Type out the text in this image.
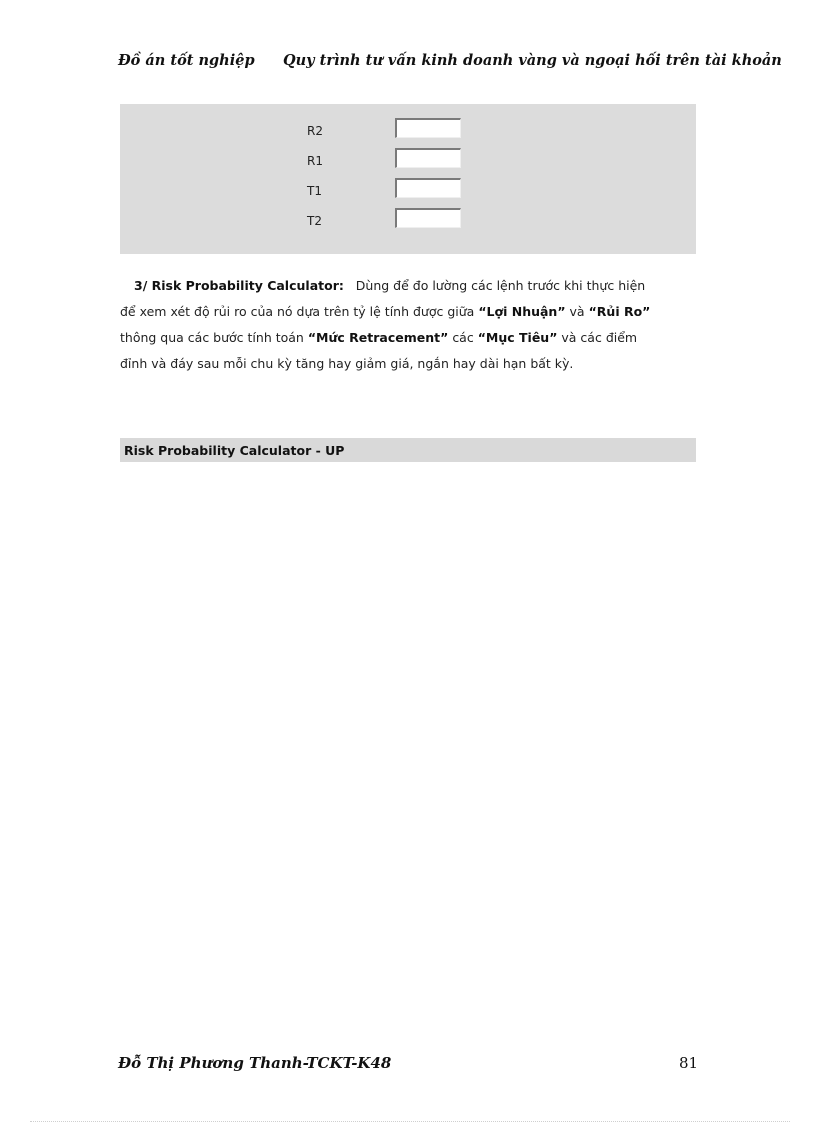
Đồ án tốt nghiệp Quy trình tư vấn kinh doanh vàng và ngoại hối trên tài khoản
R2
R1
T1
T2

3/ Risk Probability Calculator: Dùng để đo lường các lệnh trước khi thực hiện

để xem xét độ rủi ro của nó dựa trên tỷ lệ tính được giữa “Lợi Nhuận” và “Rủi Ro”

thông qua các bước tính toán “Mức Retracement” các “Mục Tiêu” và các điểm

đỉnh và đáy sau mỗi chu kỳ tăng hay giảm giá, ngắn hay dài hạn bất kỳ.

Risk Probability Calculator - UP
Đỗ Thị Phương Thanh-TCKT-K48	81
